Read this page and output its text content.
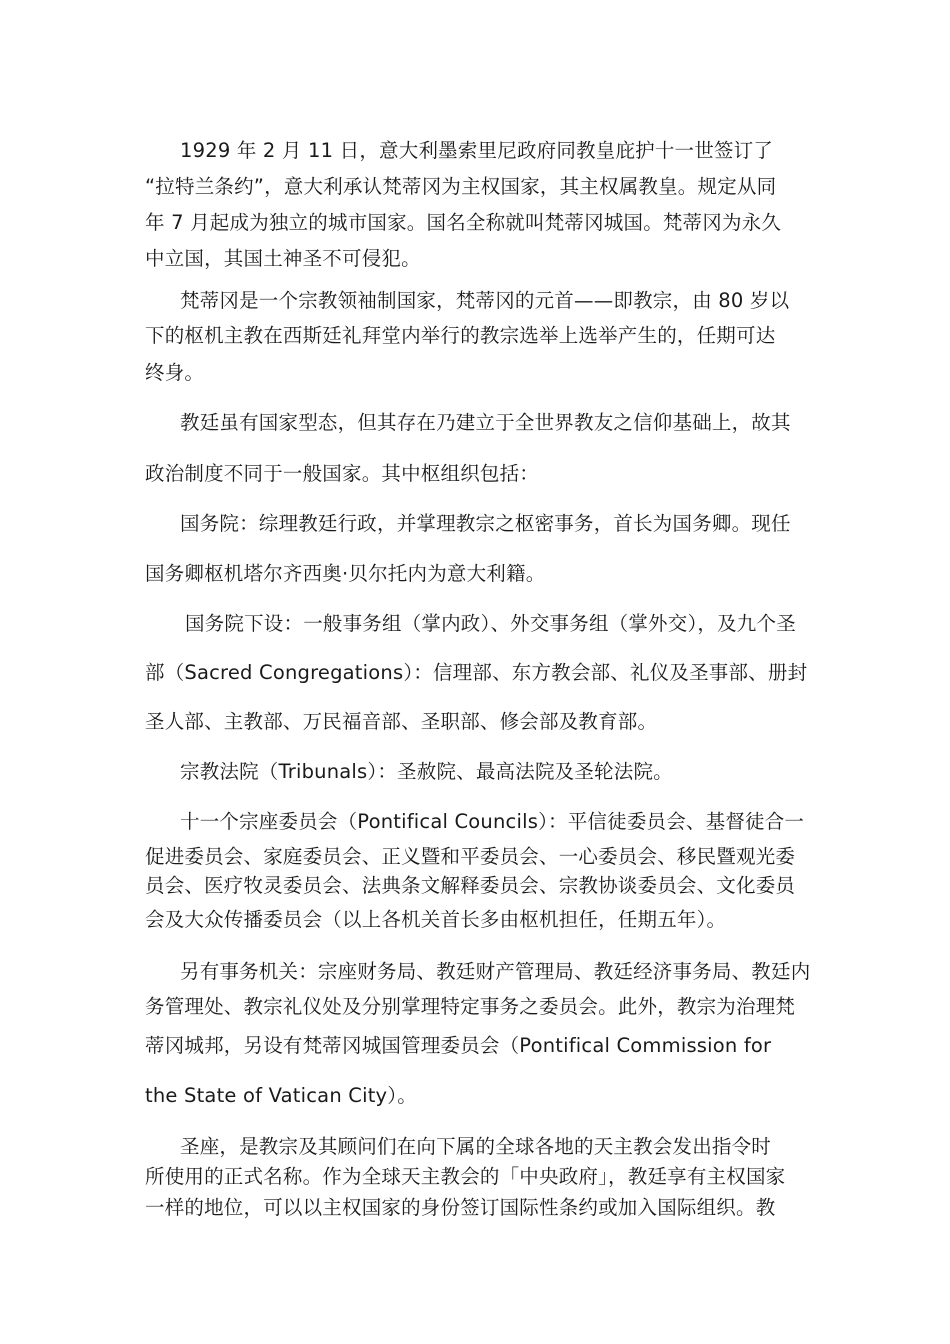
1929 年 2 月 11 日，意大利墨索里尼政府同教皇庇护十一世签订了
“拉特兰条约”，意大利承认梵蒂冈为主权国家，其主权属教皇。规定从同
年 7 月起成为独立的城市国家。国名全称就叫梵蒂冈城国。梵蒂冈为永久
中立国，其国土神圣不可侵犯。
梵蒂冈是一个宗教领袖制国家，梵蒂冈的元首——即教宗，由 80 岁以
下的枢机主教在西斯廷礼拜堂内举行的教宗选举上选举产生的，任期可达
终身。
教廷虽有国家型态，但其存在乃建立于全世界教友之信仰基础上，故其
政治制度不同于一般国家。其中枢组织包括：
国务院：综理教廷行政，并掌理教宗之枢密事务，首长为国务卿。现任
国务卿枢机塔尔齐西奥·贝尔托内为意大利籍。
国务院下设：一般事务组（掌内政）、外交事务组（掌外交），及九个圣
部（Sacred Congregations）：信理部、东方教会部、礼仪及圣事部、册封
圣人部、主教部、万民福音部、圣职部、修会部及教育部。
宗教法院（Tribunals）：圣赦院、最高法院及圣轮法院。
十一个宗座委员会（Pontifical Councils）：平信徒委员会、基督徒合一
促进委员会、家庭委员会、正义暨和平委员会、一心委员会、移民暨观光委
员会、医疗牧灵委员会、法典条文解释委员会、宗教协谈委员会、文化委员
会及大众传播委员会（以上各机关首长多由枢机担任，任期五年）。
另有事务机关：宗座财务局、教廷财产管理局、教廷经济事务局、教廷内
务管理处、教宗礼仪处及分别掌理特定事务之委员会。此外，教宗为治理梵
蒂冈城邦，另设有梵蒂冈城国管理委员会（Pontifical Commission for
the State of Vatican City）。
圣座，是教宗及其顾问们在向下属的全球各地的天主教会发出指令时
所使用的正式名称。作为全球天主教会的「中央政府」，教廷享有主权国家
一样的地位，可以以主权国家的身份签订国际性条约或加入国际组织。教
